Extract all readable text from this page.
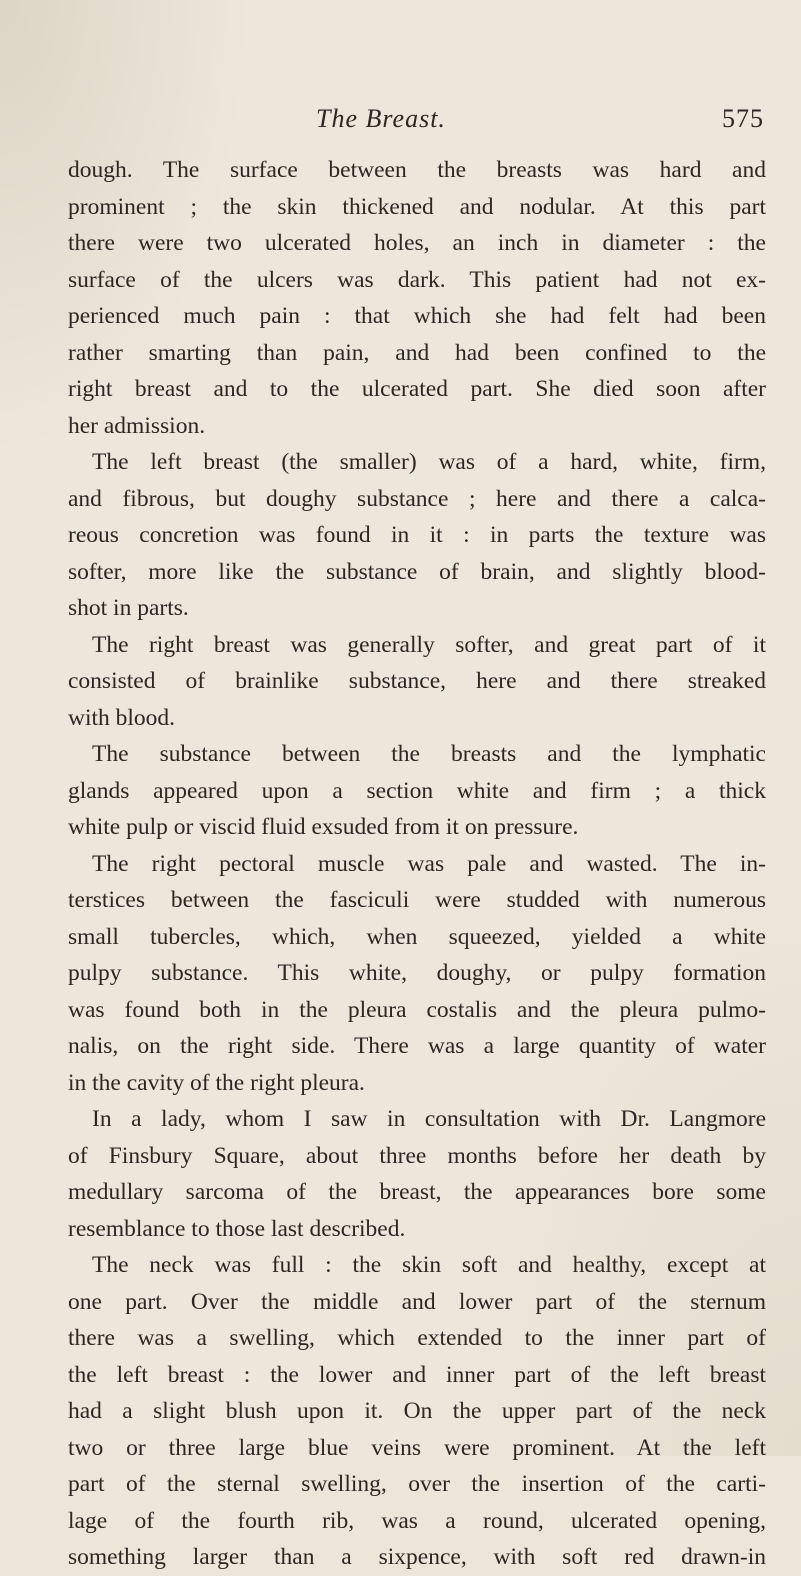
The Breast.	575

dough. The surface between the breasts was hard and
prominent ; the skin thickened and nodular. At this part
there were two ulcerated holes, an inch in diameter : the
surface of the ulcers was dark. This patient had not ex-
perienced much pain : that which she had felt had been
rather smarting than pain, and had been confined to the
right breast and to the ulcerated part. She died soon after
her admission.

The left breast (the smaller) was of a hard, white, firm,
and fibrous, but doughy substance ; here and there a calca-
reous concretion was found in it : in parts the texture was
softer, more like the substance of brain, and slightly blood-
shot in parts.

The right breast was generally softer, and great part of it
consisted of brainlike substance, here and there streaked
with blood.

The substance between the breasts and the lymphatic
glands appeared upon a section white and firm ; a thick
white pulp or viscid fluid exsuded from it on pressure.

The right pectoral muscle was pale and wasted. The in-
terstices between the fasciculi were studded with numerous
small tubercles, which, when squeezed, yielded a white
pulpy substance. This white, doughy, or pulpy formation
was found both in the pleura costalis and the pleura pulmo-
nalis, on the right side. There was a large quantity of water
in the cavity of the right pleura.

In a lady, whom I saw in consultation with Dr. Langmore
of Finsbury Square, about three months before her death by
medullary sarcoma of the breast, the appearances bore some
resemblance to those last described.

The neck was full : the skin soft and healthy, except at
one part. Over the middle and lower part of the sternum
there was a swelling, which extended to the inner part of
the left breast : the lower and inner part of the left breast
had a slight blush upon it. On the upper part of the neck
two or three large blue veins were prominent. At the left
part of the sternal swelling, over the insertion of the carti-
lage of the fourth rib, was a round, ulcerated opening,
something larger than a sixpence, with soft red drawn-in
